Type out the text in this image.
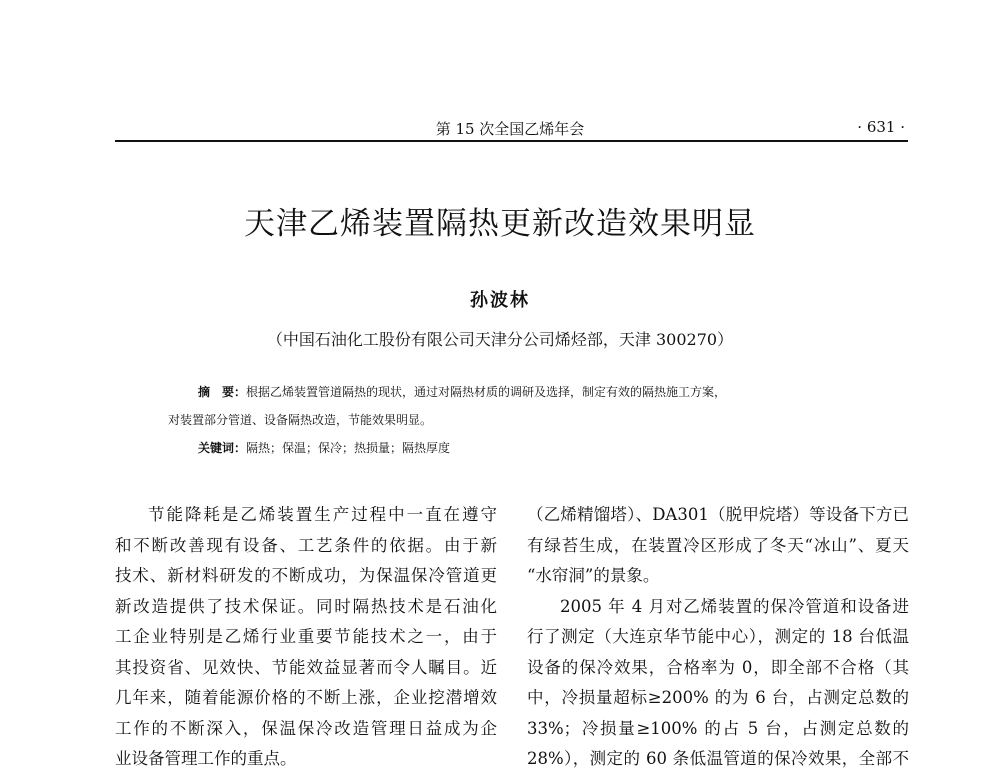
第 15 次全国乙烯年会	· 631 ·
天津乙烯装置隔热更新改造效果明显
孙波林
（中国石油化工股份有限公司天津分公司烯烃部，天津 300270）
摘　要：根据乙烯装置管道隔热的现状，通过对隔热材质的调研及选择，制定有效的隔热施工方案，
对装置部分管道、设备隔热改造，节能效果明显。
关键词：隔热；保温；保冷；热损量；隔热厚度

节能降耗是乙烯装置生产过程中一直在遵守

和不断改善现有设备、工艺条件的依据。由于新

技术、新材料研发的不断成功，为保温保冷管道更

新改造提供了技术保证。同时隔热技术是石油化

工企业特别是乙烯行业重要节能技术之一，由于

其投资省、见效快、节能效益显著而令人瞩目。近

几年来，随着能源价格的不断上涨，企业挖潜增效

工作的不断深入，保温保冷改造管理日益成为企

业设备管理工作的重点。

（乙烯精馏塔）、DA301（脱甲烷塔）等设备下方已

有绿苔生成，在装置冷区形成了冬天“冰山”、夏天

“水帘洞”的景象。

2005 年 4 月对乙烯装置的保冷管道和设备进

行了测定（大连京华节能中心），测定的 18 台低温

设备的保冷效果，合格率为 0，即全部不合格（其

中，冷损量超标≥200% 的为 6 台，占测定总数的

33%；冷损量≥100% 的占 5 台，占测定总数的

28%），测定的 60 条低温管道的保冷效果，全部不
